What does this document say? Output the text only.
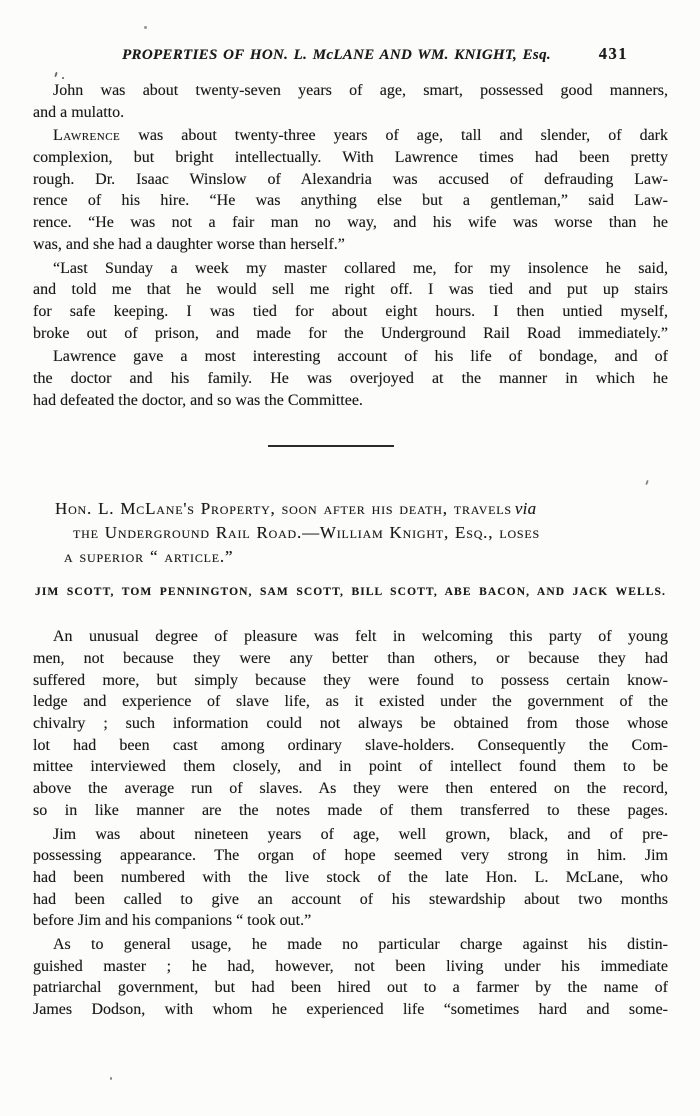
PROPERTIES OF HON. L. McLANE AND WM. KNIGHT, Esq.	431
John was about twenty-seven years of age, smart, possessed good manners,
and a mulatto.
Lawrence was about twenty-three years of age, tall and slender, of dark
complexion, but bright intellectually. With Lawrence times had been pretty
rough. Dr. Isaac Winslow of Alexandria was accused of defrauding Law-
rence of his hire. “He was anything else but a gentleman,” said Law-
rence. “He was not a fair man no way, and his wife was worse than he
was, and she had a daughter worse than herself.”
“Last Sunday a week my master collared me, for my insolence he said,
and told me that he would sell me right off. I was tied and put up stairs
for safe keeping. I was tied for about eight hours. I then untied myself,
broke out of prison, and made for the Underground Rail Road immediately.”
Lawrence gave a most interesting account of his life of bondage, and of
the doctor and his family. He was overjoyed at the manner in which he
had defeated the doctor, and so was the Committee.
Hon. L. McLane's Property, soon after his death, travels via
the Underground Rail Road.—William Knight, Esq., loses
a superior “ article.”
JIM SCOTT, TOM PENNINGTON, SAM SCOTT, BILL SCOTT, ABE BACON, AND JACK WELLS.
An unusual degree of pleasure was felt in welcoming this party of young
men, not because they were any better than others, or because they had
suffered more, but simply because they were found to possess certain know-
ledge and experience of slave life, as it existed under the government of the
chivalry ; such information could not always be obtained from those whose
lot had been cast among ordinary slave-holders. Consequently the Com-
mittee interviewed them closely, and in point of intellect found them to be
above the average run of slaves. As they were then entered on the record,
so in like manner are the notes made of them transferred to these pages.
Jim was about nineteen years of age, well grown, black, and of pre-
possessing appearance. The organ of hope seemed very strong in him. Jim
had been numbered with the live stock of the late Hon. L. McLane, who
had been called to give an account of his stewardship about two months
before Jim and his companions “ took out.”
As to general usage, he made no particular charge against his distin-
guished master ; he had, however, not been living under his immediate
patriarchal government, but had been hired out to a farmer by the name of
James Dodson, with whom he experienced life “sometimes hard and some-
